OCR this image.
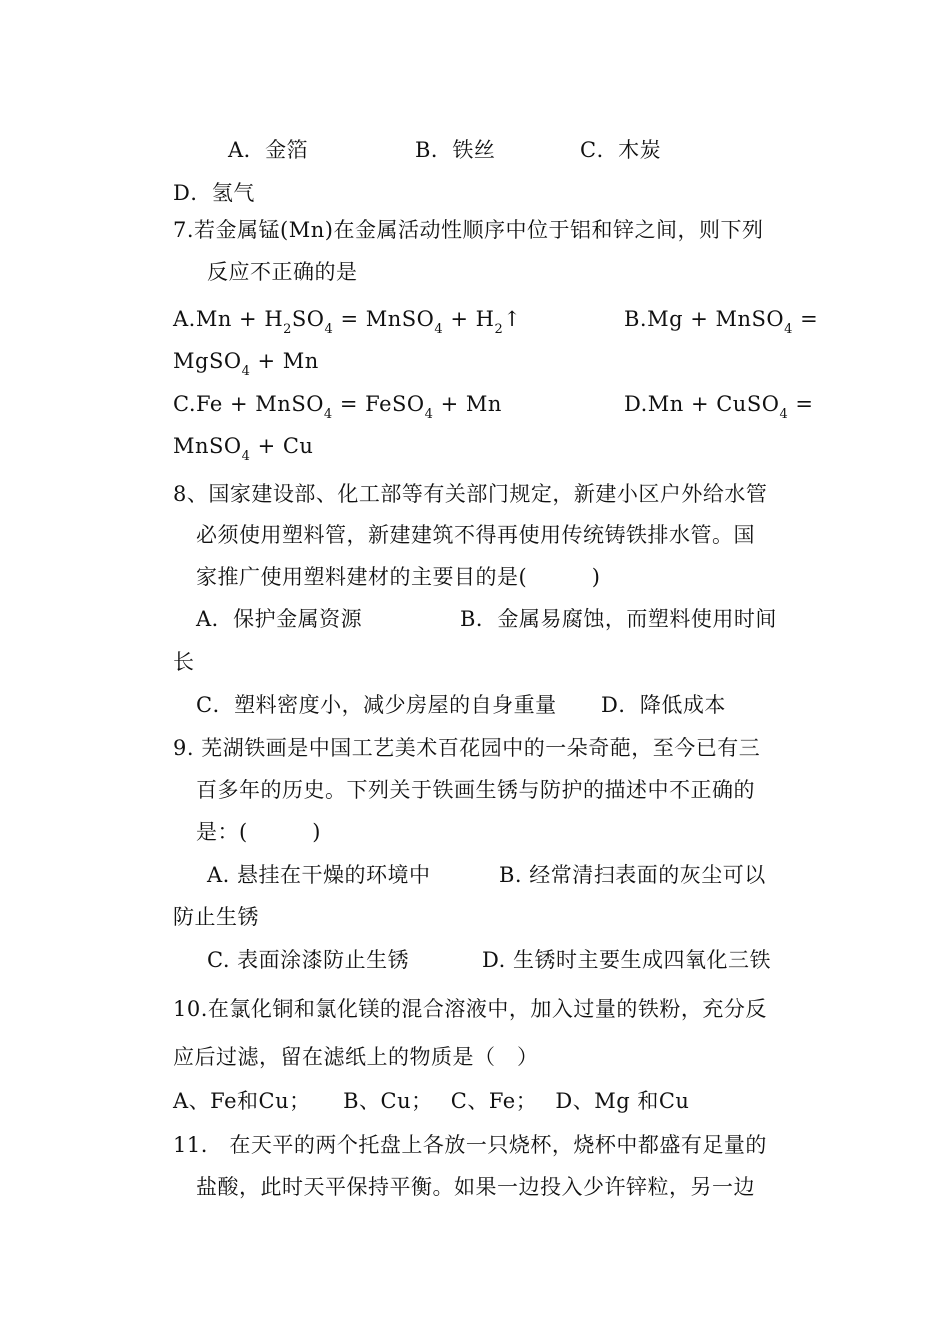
A．金箔	B．铁丝	C．木炭
D．氢气
7.若金属锰(Mn)在金属活动性顺序中位于铝和锌之间，则下列
反应不正确的是
$A.Mn + H_2SO_4$ = MnSO$_4$ + $H_2↑$	B.Mg + MnSO$_4$ =
MgSO$_4$ + Mn
C.Fe + MnSO$_4$ = FeSO$_4$ + Mn	D.Mn + CuSO$_4$ =
MnSO$_4$ + Cu
8、国家建设部、化工部等有关部门规定，新建小区户外给水管
必须使用塑料管，新建建筑不得再使用传统铸铁排水管。国
家推广使用塑料建材的主要目的是(　　　)
A．保护金属资源	B．金属易腐蚀，而塑料使用时间
长
C．塑料密度小，减少房屋的自身重量 D．降低成本
9. 芜湖铁画是中国工艺美术百花园中的一朵奇葩，至今已有三
百多年的历史。下列关于铁画生锈与防护的描述中不正确的
是：(　　　)
A. 悬挂在干燥的环境中	B. 经常清扫表面的灰尘可以
防止生锈
C. 表面涂漆防止生锈	D. 生锈时主要生成四氧化三铁
10.在氯化铜和氯化镁的混合溶液中，加入过量的铁粉，充分反
应后过滤，留在滤纸上的物质是（　）
A、Fe和Cu；　　B、Cu；　 C、Fe；　 D、Mg 和Cu
11.　在天平的两个托盘上各放一只烧杯，烧杯中都盛有足量的
盐酸，此时天平保持平衡。如果一边投入少许锌粒，另一边
